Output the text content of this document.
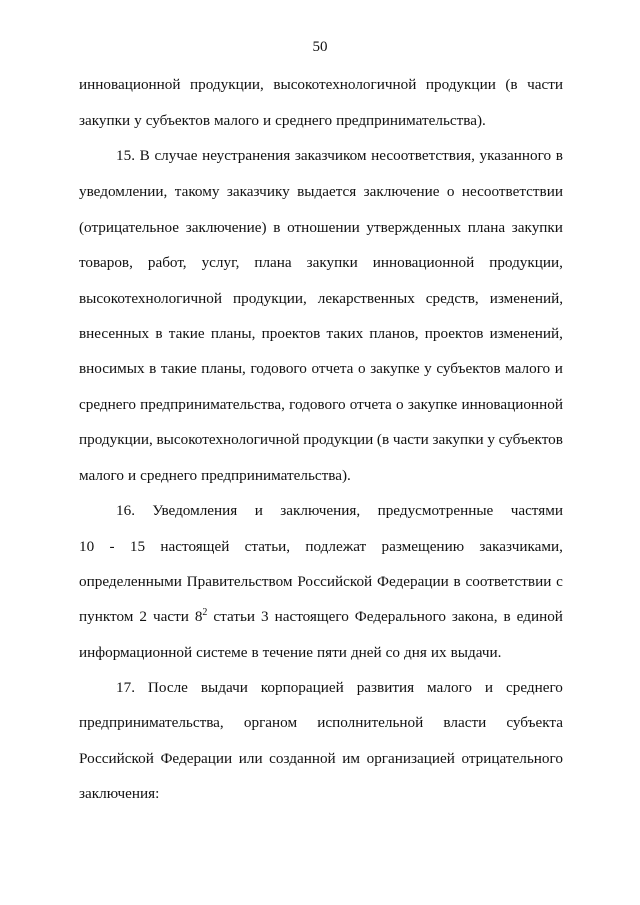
50
инновационной продукции, высокотехнологичной продукции (в части
закупки у субъектов малого и среднего предпринимательства).
15. В случае неустранения заказчиком несоответствия, указанного в
уведомлении, такому заказчику выдается заключение о несоответствии
(отрицательное заключение) в отношении утвержденных плана закупки
товаров, работ, услуг, плана закупки инновационной продукции,
высокотехнологичной продукции, лекарственных средств, изменений,
внесенных в такие планы, проектов таких планов, проектов изменений,
вносимых в такие планы, годового отчета о закупке у субъектов малого и
среднего предпринимательства, годового отчета о закупке инновационной
продукции, высокотехнологичной продукции (в части закупки у субъектов
малого и среднего предпринимательства).
16. Уведомления и заключения, предусмотренные частями
10 - 15 настоящей статьи, подлежат размещению заказчиками,
определенными Правительством Российской Федерации в соответствии с
пунктом 2 части $8^2$ статьи 3 настоящего Федерального закона, в единой
информационной системе в течение пяти дней со дня их выдачи.
17. После выдачи корпорацией развития малого и среднего
предпринимательства, органом исполнительной власти субъекта
Российской Федерации или созданной им организацией отрицательного
заключения:
